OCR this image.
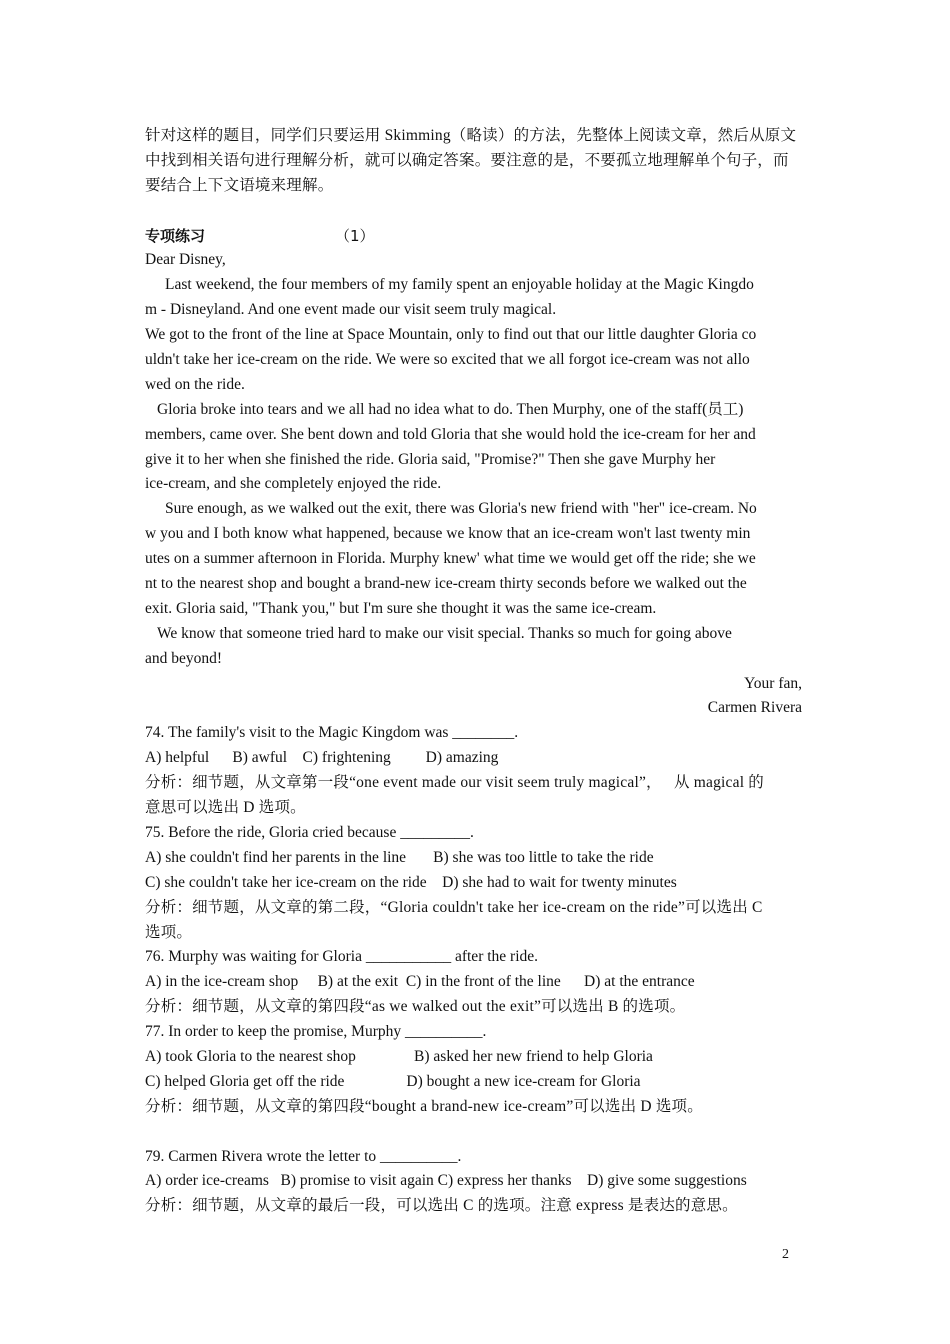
针对这样的题目，同学们只要运用 Skimming（略读）的方法，先整体上阅读文章，然后从原文
中找到相关语句进行理解分析，就可以确定答案。要注意的是，不要孤立地理解单个句子，而
要结合上下文语境来理解。
专项练习	（1）
Dear Disney,
Last weekend, the four members of my family spent an enjoyable holiday at the Magic Kingdo
m - Disneyland. And one event made our visit seem truly magical.
We got to the front of the line at Space Mountain, only to find out that our little daughter Gloria co
uldn't take her ice-cream on the ride. We were so excited that we all forgot ice-cream was not allo
wed on the ride.
Gloria broke into tears and we all had no idea what to do. Then Murphy, one of the staff(员工)
members, came over. She bent down and told Gloria that she would hold the ice-cream for her and
give it to her when she finished the ride. Gloria said, "Promise?" Then she gave Murphy her
ice-cream, and she completely enjoyed the ride.
Sure enough, as we walked out the exit, there was Gloria's new friend with "her" ice-cream. No
w you and I both know what happened, because we know that an ice-cream won't last twenty min
utes on a summer afternoon in Florida. Murphy knew' what time we would get off the ride; she we
nt to the nearest shop and bought a brand-new ice-cream thirty seconds before we walked out the
exit. Gloria said, "Thank you," but I'm sure she thought it was the same ice-cream.
We know that someone tried hard to make our visit special. Thanks so much for going above
and beyond!
Your fan,
Carmen Rivera
74. The family's visit to the Magic Kingdom was ________.
A) helpful      B) awful    C) frightening         D) amazing
分析：细节题，从文章第一段“one event made our visit seem truly magical”，   从 magical 的
意思可以选出 D 选项。
75. Before the ride, Gloria cried because _________.
A) she couldn't find her parents in the line       B) she was too little to take the ride
C) she couldn't take her ice-cream on the ride    D) she had to wait for twenty minutes
分析：细节题，从文章的第二段，“Gloria couldn't take her ice-cream on the ride”可以选出 C
选项。
76. Murphy was waiting for Gloria ___________ after the ride.
A) in the ice-cream shop     B) at the exit  C) in the front of the line      D) at the entrance
分析：细节题，从文章的第四段“as we walked out the exit”可以选出 B 的选项。
77. In order to keep the promise, Murphy __________.
A) took Gloria to the nearest shop               B) asked her new friend to help Gloria
C) helped Gloria get off the ride                D) bought a new ice-cream for Gloria
分析：细节题，从文章的第四段“bought a brand-new ice-cream”可以选出 D 选项。
79. Carmen Rivera wrote the letter to __________.
A) order ice-creams   B) promise to visit again C) express her thanks    D) give some suggestions
分析：细节题，从文章的最后一段，可以选出 C 的选项。注意 express 是表达的意思。
2
